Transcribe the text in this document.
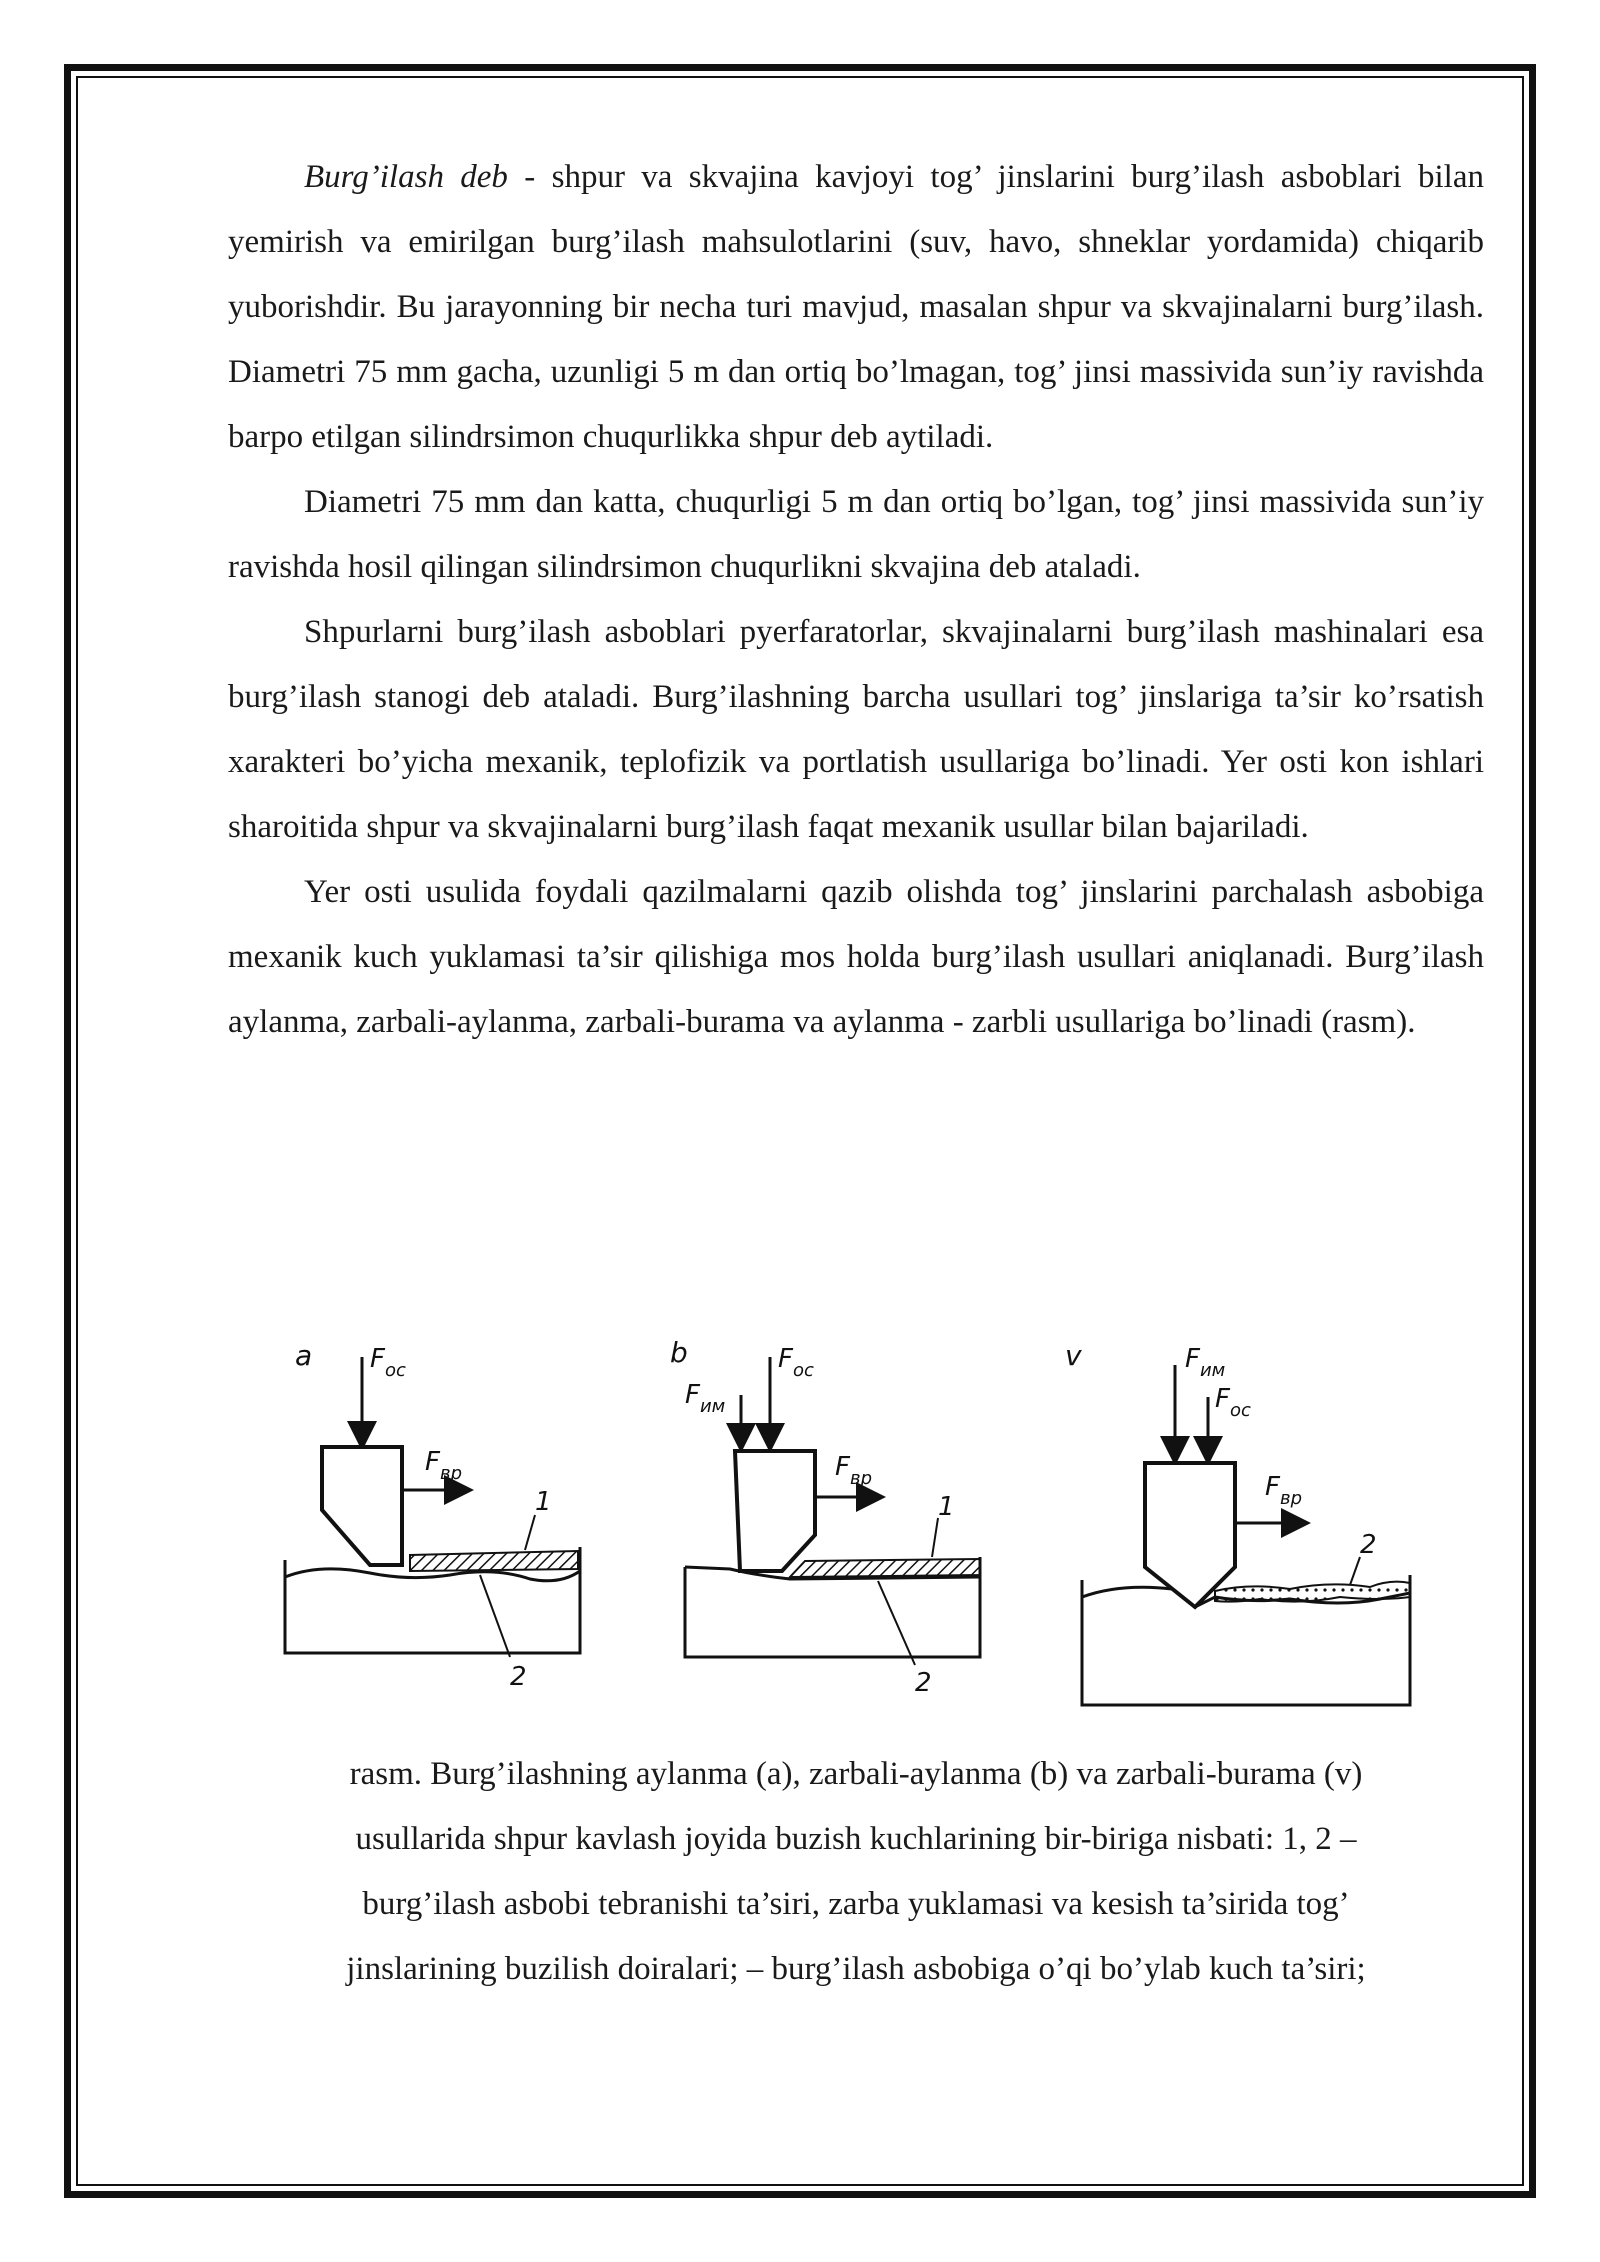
Burg’ilash deb - shpur va skvajina kavjoyi tog’ jinslarini burg’ilash asboblari bilan yemirish va emirilgan burg’ilash mahsulotlarini (suv, havo, shneklar yordamida) chiqarib yuborishdir. Bu jarayonning bir necha turi mavjud, masalan shpur va skvajinalarni burg’ilash. Diametri 75 mm gacha, uzunligi 5 m dan ortiq bo’lmagan, tog’ jinsi massivida sun’iy ravishda barpo etilgan silindrsimon chuqurlikka shpur deb aytiladi.

Diametri 75 mm dan katta, chuqurligi 5 m dan ortiq bo’lgan, tog’ jinsi massivida sun’iy ravishda hosil qilingan silindrsimon chuqurlikni skvajina deb ataladi.

Shpurlarni burg’ilash asboblari pyerfaratorlar, skvajinalarni burg’ilash mashinalari esa burg’ilash stanogi deb ataladi. Burg’ilashning barcha usullari tog’ jinslariga ta’sir ko’rsatish xarakteri bo’yicha mexanik, teplofizik va portlatish usullariga bo’linadi. Yer osti kon ishlari sharoitida shpur va skvajinalarni burg’ilash faqat mexanik usullar bilan bajariladi.

Yer osti usulida foydali qazilmalarni qazib olishda tog’ jinslarini parchalash asbobiga mexanik kuch yuklamasi ta’sir qilishiga mos holda burg’ilash usullari aniqlanadi. Burg’ilash aylanma, zarbali-aylanma, zarbali-burama va aylanma - zarbli usullariga bo’linadi (rasm).

a $F_{ос}$
$F_{вр}$
1
2
b	$F_{ос}$
$F_{им}$
$F_{вр}$
1
2
v	$F_{им}$
$F_{ос}$
$F_{вр}$
2
rasm. Burg’ilashning aylanma (a), zarbali-aylanma (b) va zarbali-burama (v)
usullarida shpur kavlash joyida buzish kuchlarining bir-biriga nisbati: 1, 2 –
burg’ilash asbobi tebranishi ta’siri, zarba yuklamasi va kesish ta’sirida tog’
jinslarining buzilish doiralari; – burg’ilash asbobiga o’qi bo’ylab kuch ta’siri;
